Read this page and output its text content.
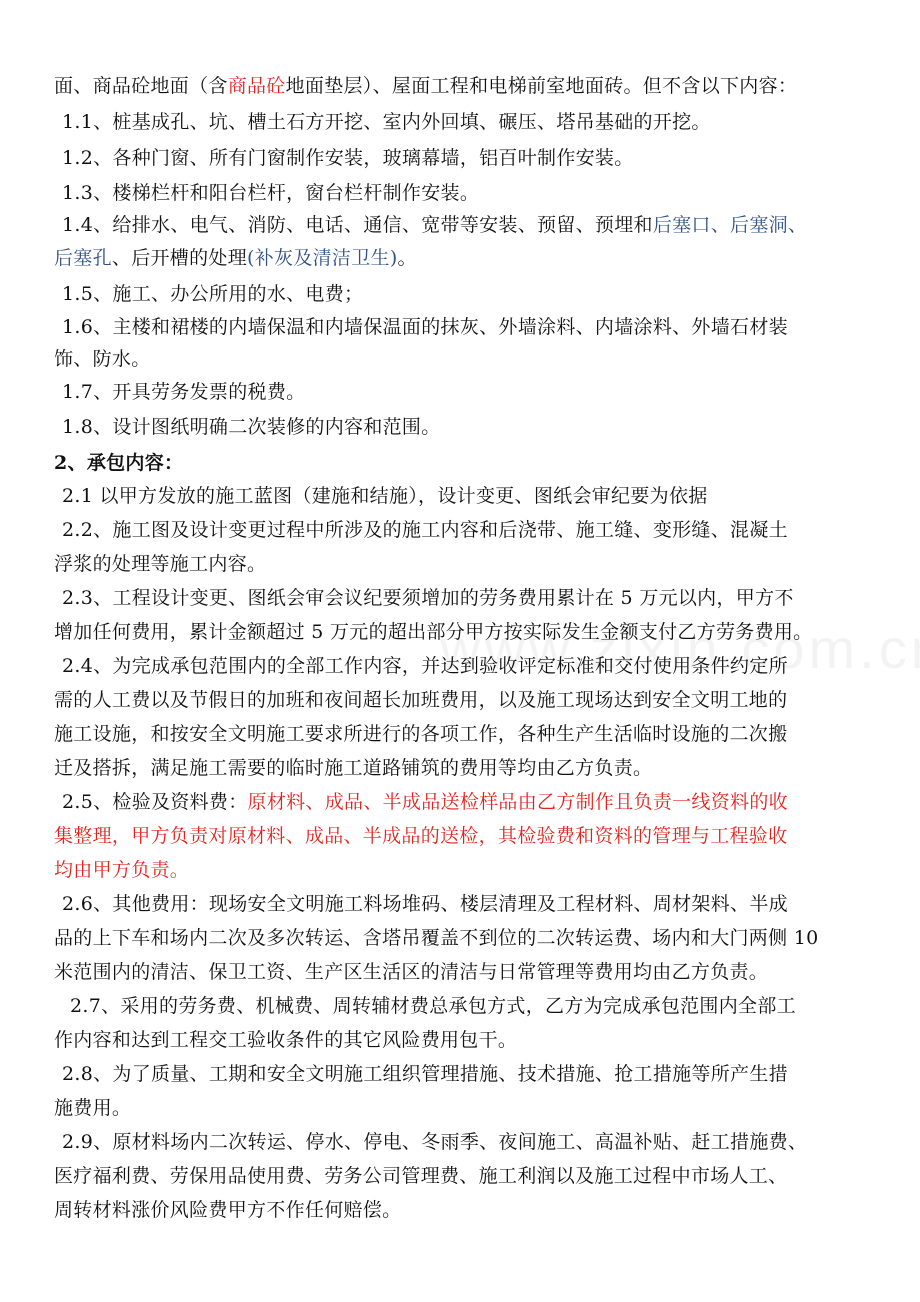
面、商品砼地面（含商品砼地面垫层）、屋面工程和电梯前室地面砖。但不含以下内容：
1.1、桩基成孔、坑、槽土石方开挖、室内外回填、碾压、塔吊基础的开挖。
1.2、各种门窗、所有门窗制作安装，玻璃幕墙，铝百叶制作安装。
1.3、楼梯栏杆和阳台栏杆，窗台栏杆制作安装。
1.4、给排水、电气、消防、电话、通信、宽带等安装、预留、预埋和后塞口、后塞洞、
后塞孔、后开槽的处理(补灰及清洁卫生)。
1.5、施工、办公所用的水、电费；
1.6、主楼和裙楼的内墙保温和内墙保温面的抹灰、外墙涂料、内墙涂料、外墙石材装
饰、防水。
1.7、开具劳务发票的税费。
1.8、设计图纸明确二次装修的内容和范围。
2、承包内容：
2.1 以甲方发放的施工蓝图（建施和结施），设计变更、图纸会审纪要为依据
2.2、施工图及设计变更过程中所涉及的施工内容和后浇带、施工缝、变形缝、混凝土
浮浆的处理等施工内容。
2.3、工程设计变更、图纸会审会议纪要须增加的劳务费用累计在 5 万元以内，甲方不
增加任何费用，累计金额超过 5 万元的超出部分甲方按实际发生金额支付乙方劳务费用。
2.4、为完成承包范围内的全部工作内容，并达到验收评定标准和交付使用条件约定所
需的人工费以及节假日的加班和夜间超长加班费用，以及施工现场达到安全文明工地的
施工设施，和按安全文明施工要求所进行的各项工作，各种生产生活临时设施的二次搬
迁及搭拆，满足施工需要的临时施工道路铺筑的费用等均由乙方负责。
2.5、检验及资料费：原材料、成品、半成品送检样品由乙方制作且负责一线资料的收
集整理，甲方负责对原材料、成品、半成品的送检，其检验费和资料的管理与工程验收
均由甲方负责。
2.6、其他费用：现场安全文明施工料场堆码、楼层清理及工程材料、周材架料、半成
品的上下车和场内二次及多次转运、含塔吊覆盖不到位的二次转运费、场内和大门两侧 10
米范围内的清洁、保卫工资、生产区生活区的清洁与日常管理等费用均由乙方负责。
2.7、采用的劳务费、机械费、周转辅材费总承包方式，乙方为完成承包范围内全部工
作内容和达到工程交工验收条件的其它风险费用包干。
2.8、为了质量、工期和安全文明施工组织管理措施、技术措施、抢工措施等所产生措
施费用。
2.9、原材料场内二次转运、停水、停电、冬雨季、夜间施工、高温补贴、赶工措施费、
医疗福利费、劳保用品使用费、劳务公司管理费、施工利润以及施工过程中市场人工、
周转材料涨价风险费甲方不作任何赔偿。
